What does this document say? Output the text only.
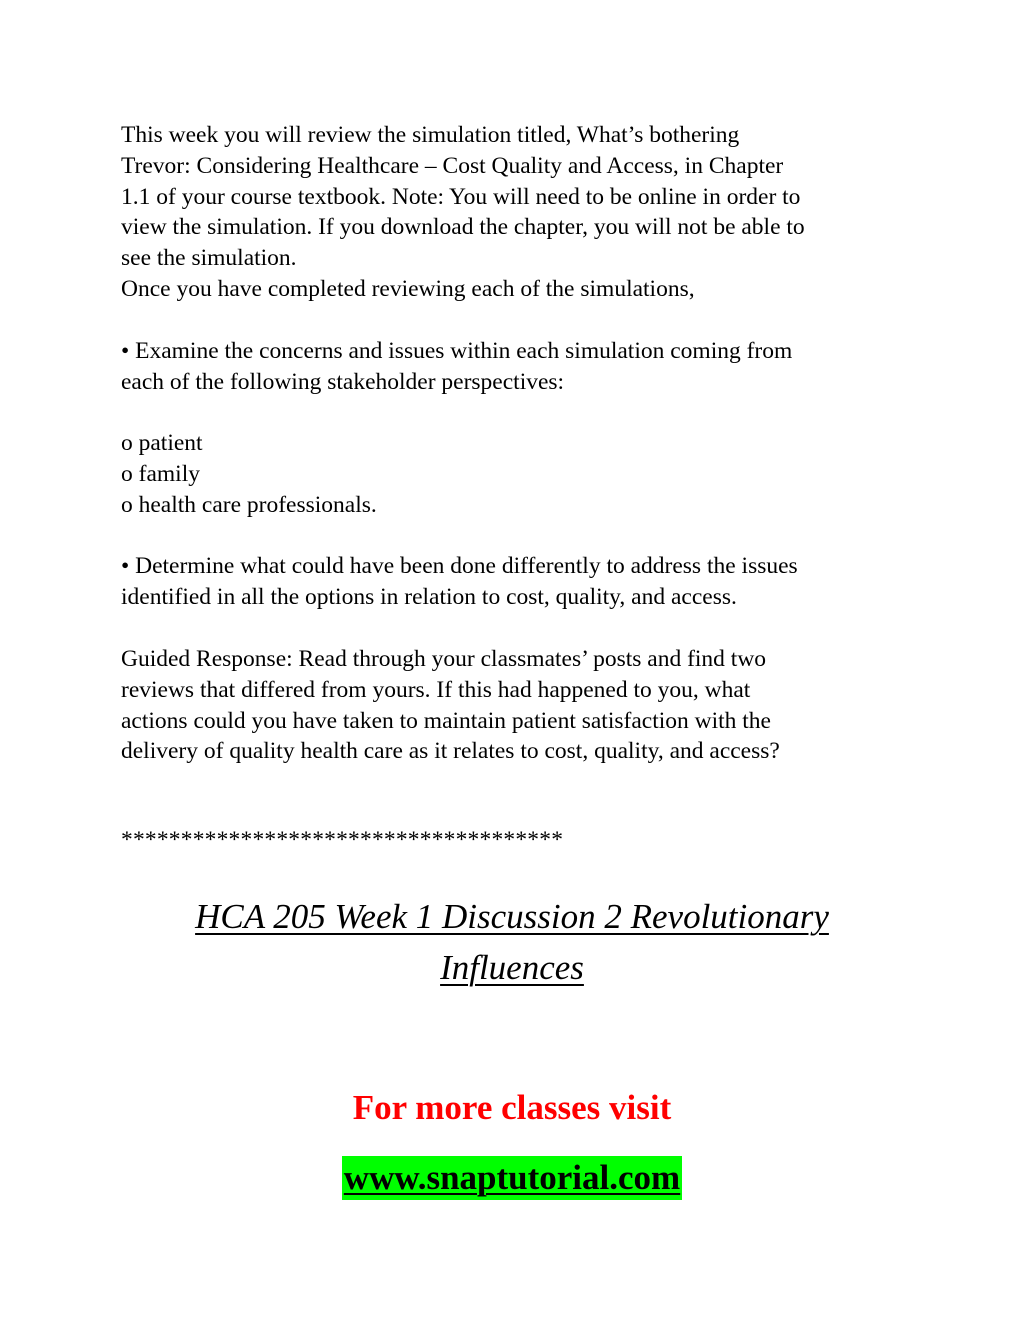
This week you will review the simulation titled, What’s bothering
Trevor: Considering Healthcare – Cost Quality and Access, in Chapter
1.1 of your course textbook. Note: You will need to be online in order to
view the simulation. If you download the chapter, you will not be able to
see the simulation.
Once you have completed reviewing each of the simulations,

• Examine the concerns and issues within each simulation coming from
each of the following stakeholder perspectives:

o patient
o family
o health care professionals.

• Determine what could have been done differently to address the issues
identified in all the options in relation to cost, quality, and access.

Guided Response: Read through your classmates’ posts and find two
reviews that differed from yours. If this had happened to you, what
actions could you have taken to maintain patient satisfaction with the
delivery of quality health care as it relates to cost, quality, and access?

*************************************

HCA 205 Week 1 Discussion 2 Revolutionary
Influences

For more classes visit

www.snaptutorial.com
